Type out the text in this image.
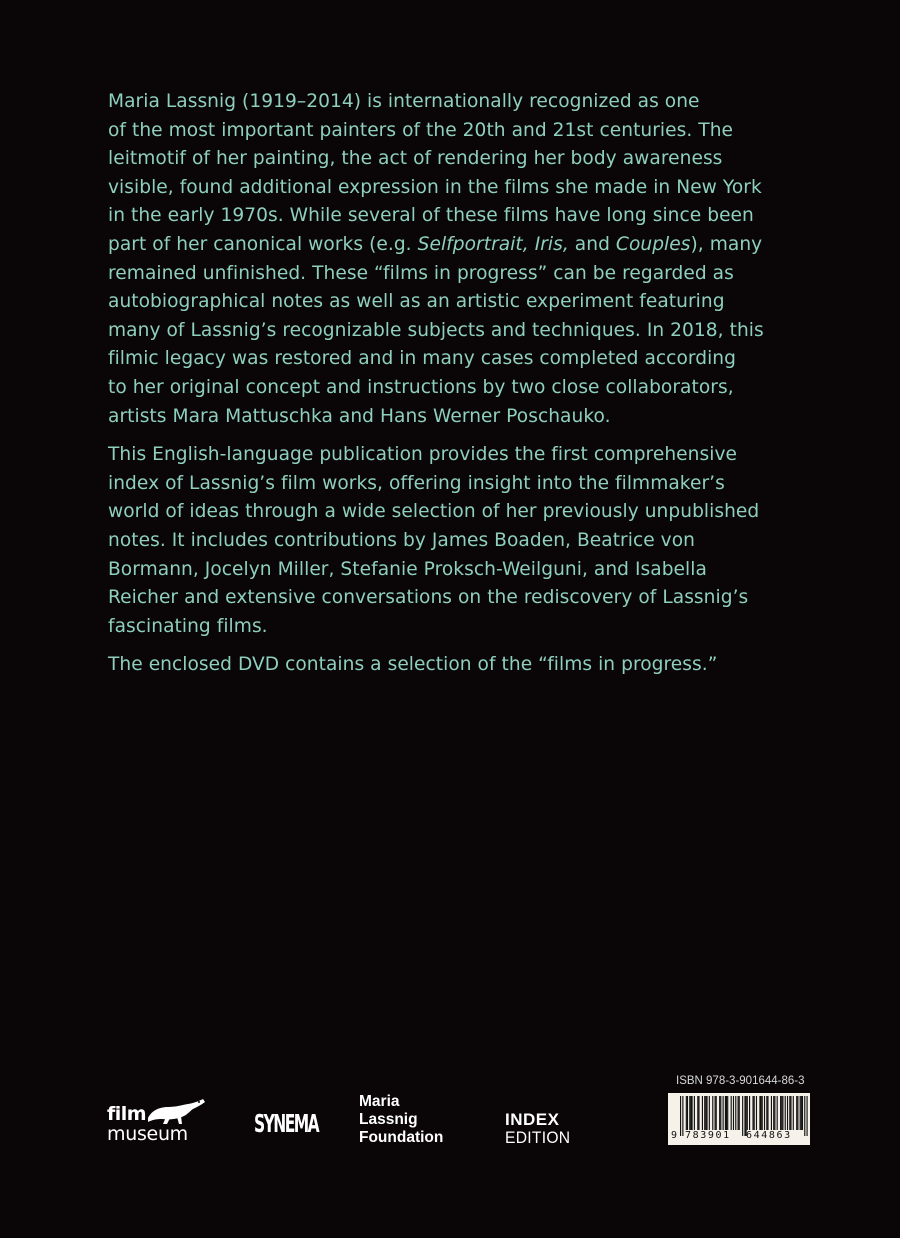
Maria Lassnig (1919–2014) is internationally recognized as one
of the most important painters of the 20th and 21st centuries. The
leitmotif of her painting, the act of rendering her body awareness
visible, found additional expression in the films she made in New York
in the early 1970s. While several of these films have long since been
part of her canonical works (e.g. Selfportrait, Iris, and Couples), many
remained unfinished. These “films in progress” can be regarded as
autobiographical notes as well as an artistic experiment featuring
many of Lassnig’s recognizable subjects and techniques. In 2018, this
filmic legacy was restored and in many cases completed according
to her original concept and instructions by two close collaborators,
artists Mara Mattuschka and Hans Werner Poschauko.

This English-language publication provides the first comprehensive
index of Lassnig’s film works, offering insight into the filmmaker’s
world of ideas through a wide selection of her previously unpublished
notes. It includes contributions by James Boaden, Beatrice von
Bormann, Jocelyn Miller, Stefanie Proksch-Weilguni, and Isabella
Reicher and extensive conversations on the rediscovery of Lassnig’s
fascinating films.

The enclosed DVD contains a selection of the “films in progress.”

film
museum	SYNEMA
Maria
Lassnig
Foundation
INDEX
EDITION
ISBN 978-3-901644-86-3
9 783901 644863
